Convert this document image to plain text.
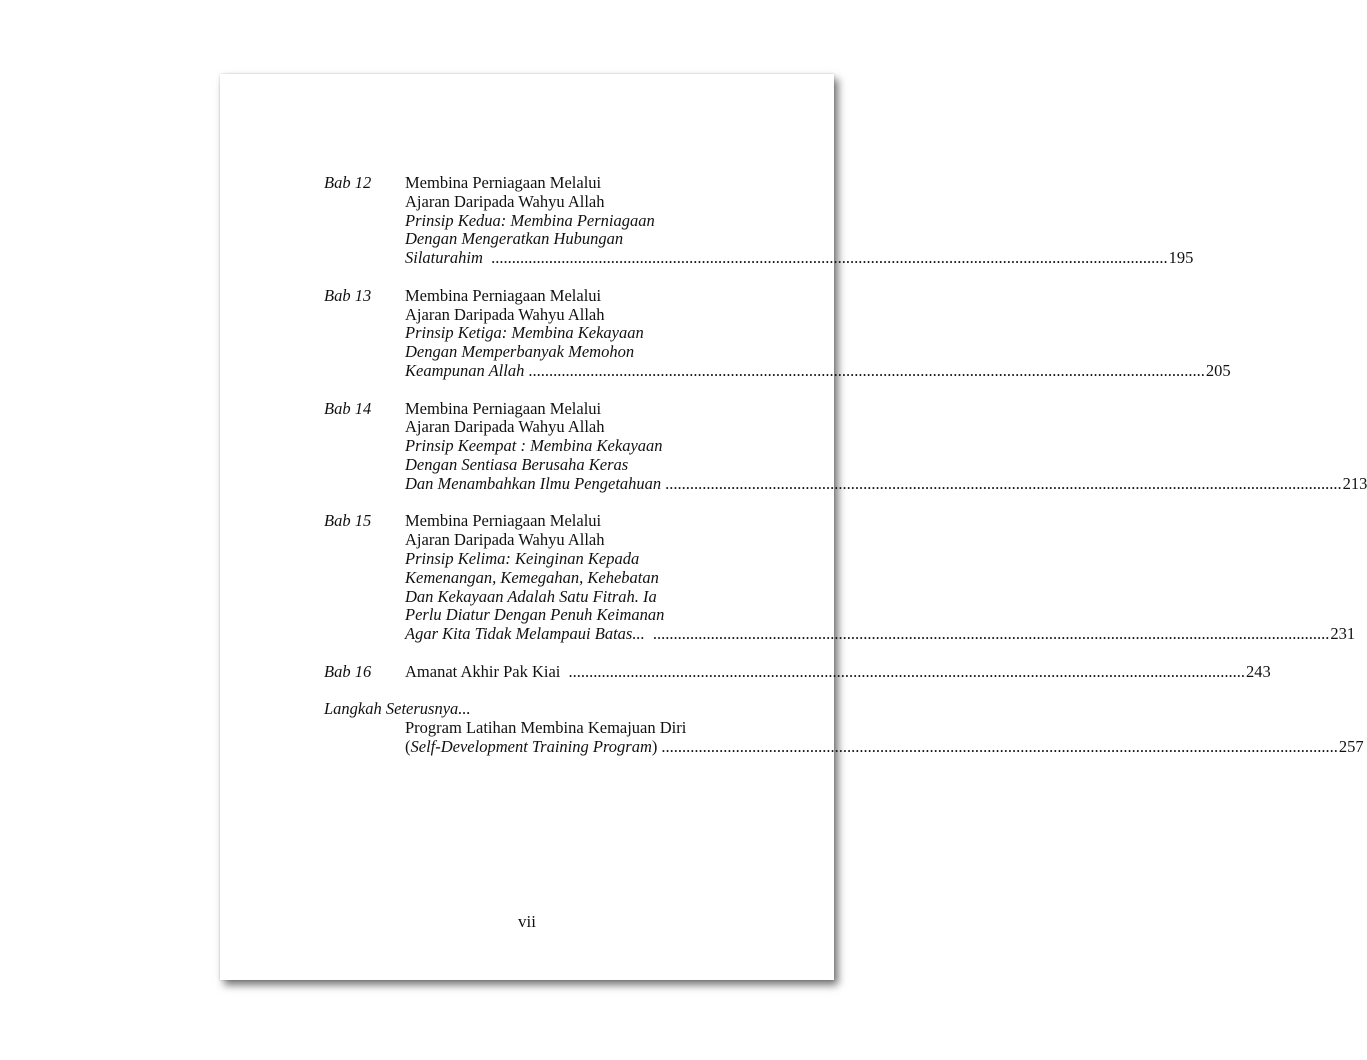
Bab 12	Membina Perniagaan Melalui
Ajaran Daripada Wahyu Allah
Prinsip Kedua: Membina Perniagaan
Dengan Mengeratkan Hubungan
Silaturahim .................................................................................................................................................................... 195
Bab 13	Membina Perniagaan Melalui
Ajaran Daripada Wahyu Allah
Prinsip Ketiga: Membina Kekayaan
Dengan Memperbanyak Memohon
Keampunan Allah .................................................................................................................................................................... 205
Bab 14	Membina Perniagaan Melalui
Ajaran Daripada Wahyu Allah
Prinsip Keempat : Membina Kekayaan
Dengan Sentiasa Berusaha Keras
Dan Menambahkan Ilmu Pengetahuan .................................................................................................................................................................... 213
Bab 15	Membina Perniagaan Melalui
Ajaran Daripada Wahyu Allah
Prinsip Kelima: Keinginan Kepada
Kemenangan, Kemegahan, Kehebatan
Dan Kekayaan Adalah Satu Fitrah. Ia
Perlu Diatur Dengan Penuh Keimanan
Agar Kita Tidak Melampaui Batas... .................................................................................................................................................................... 231
Bab 16	Amanat Akhir Pak Kiai .................................................................................................................................................................... 243
Langkah Seterusnya...
Program Latihan Membina Kemajuan Diri
(Self-Development Training Program) .................................................................................................................................................................... 257
vii
